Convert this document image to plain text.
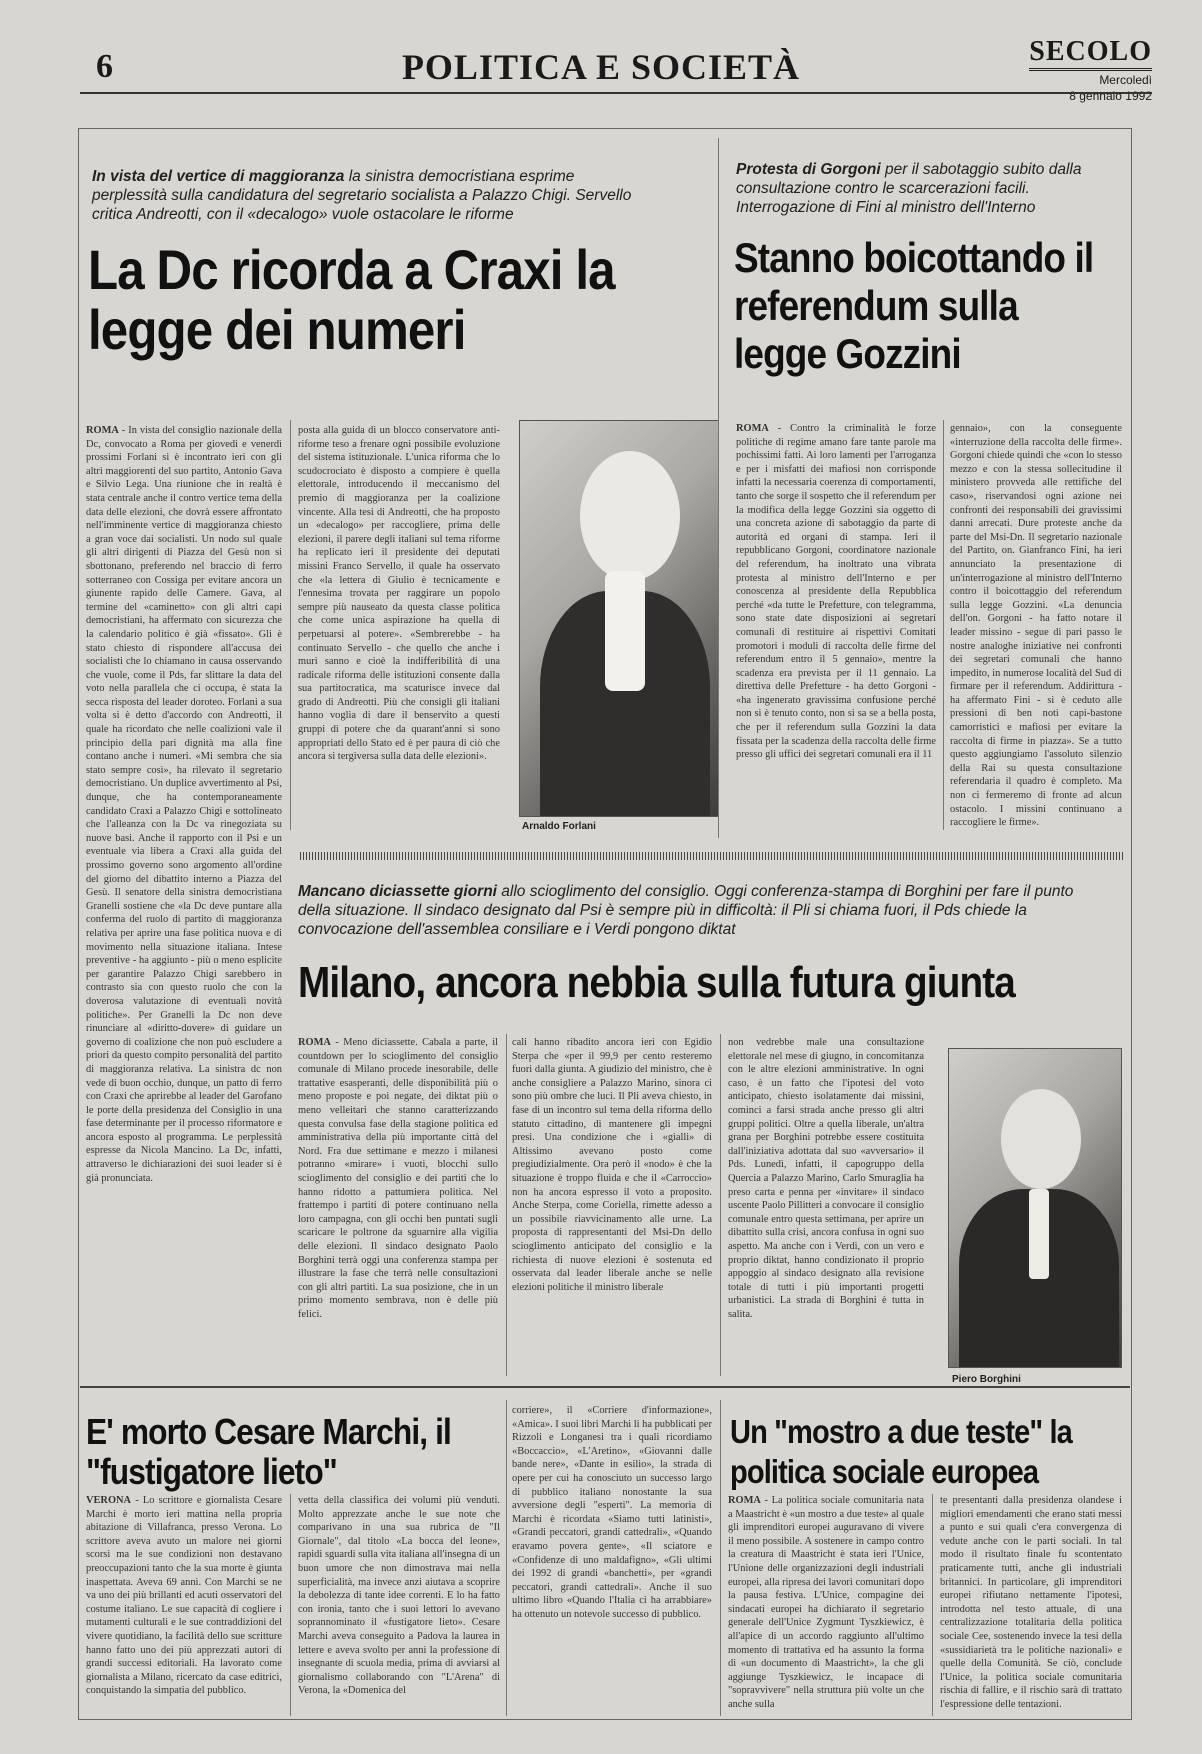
6	POLITICA E SOCIETÀ	SECOLO
Mercoledì
8 gennaio 1992
In vista del vertice di maggioranza la sinistra democristiana esprime perplessità sulla candidatura del segretario socialista a Palazzo Chigi. Servello critica Andreotti, con il «decalogo» vuole ostacolare le riforme
La Dc ricorda a Craxi la legge dei numeri
ROMA - In vista del consiglio nazionale della Dc, convocato a Roma per giovedì e venerdì prossimi Forlani si è incontrato ieri con gli altri maggiorenti del suo partito, Antonio Gava e Silvio Lega. Una riunione che in realtà è stata centrale anche il contro vertice tema della data delle elezioni, che dovrà essere affrontato nell'imminente vertice di maggioranza chiesto a gran voce dai socialisti. Un nodo sul quale gli altri dirigenti di Piazza del Gesù non si sbottonano, preferendo nel braccio di ferro sotterraneo con Cossiga per evitare ancora un giunente rapido delle Camere. Gava, al termine del «caminetto» con gli altri capi democristiani, ha affermato con sicurezza che la calendario politico è già «fissato». Gli è stato chiesto di rispondere all'accusa dei socialisti che lo chiamano in causa osservando che vuole, come il Pds, far slittare la data del voto nella parallela che ci occupa, è stata la secca risposta del leader doroteo. Forlani a sua volta si è detto d'accordo con Andreotti, il quale ha ricordato che nelle coalizioni vale il principio della pari dignità ma alla fine contano anche i numeri. «Mi sembra che sia stato sempre così», ha rilevato il segretario democristiano. Un duplice avvertimento al Psi, dunque, che ha contemporaneamente candidato Craxi a Palazzo Chigi e sottolineato che l'alleanza con la Dc va rinegoziata su nuove basi. Anche il rapporto con il Psi e un eventuale via libera a Craxi alla guida del prossimo governo sono argomento all'ordine del giorno del dibattito interno a Piazza del Gesù. Il senatore della sinistra democristiana Granelli sostiene che «la Dc deve puntare alla conferma del ruolo di partito di maggioranza relativa per aprire una fase politica nuova e di movimento nella situazione italiana. Intese preventive - ha aggiunto - più o meno esplicite per garantire Palazzo Chigi sarebbero in contrasto sia con questo ruolo che con la doverosa valutazione di eventuali novità politiche». Per Granelli la Dc non deve rinunciare al «diritto-dovere» di guidare un governo di coalizione che non può escludere a priori da questo compito personalità del partito di maggioranza relativa. La sinistra dc non vede di buon occhio, dunque, un patto di ferro con Craxi che aprirebbe al leader del Garofano le porte della presidenza del Consiglio in una fase determinante per il processo riformatore e ancora esposto al programma. Le perplessità espresse da Nicola Mancino. La Dc, infatti, attraverso le dichiarazioni dei suoi leader si è già pronunciata.
posta alla guida di un blocco conservatore anti-riforme teso a frenare ogni possibile evoluzione del sistema istituzionale. L'unica riforma che lo scudocrociato è disposto a compiere è quella elettorale, introducendo il meccanismo del premio di maggioranza per la coalizione vincente. Alla tesi di Andreotti, che ha proposto un «decalogo» per raccogliere, prima delle elezioni, il parere degli italiani sul tema riforme ha replicato ieri il presidente dei deputati missini Franco Servello, il quale ha osservato che «la lettera di Giulio è tecnicamente e l'ennesima trovata per raggirare un popolo sempre più nauseato da questa classe politica che come unica aspirazione ha quella di perpetuarsi al potere». «Sembrerebbe - ha continuato Servello - che quello che anche i muri sanno e cioè la indifferibilità di una radicale riforma delle istituzioni consente dalla sua partitocratica, ma scaturisce invece dal grado di Andreotti. Più che consigli gli italiani hanno voglia di dare il benservito a questi gruppi di potere che da quarant'anni si sono appropriati dello Stato ed è per paura di ciò che ancora si tergiversa sulla data delle elezioni».
Arnaldo Forlani
Protesta di Gorgoni per il sabotaggio subito dalla consultazione contro le scarcerazioni facili. Interrogazione di Fini al ministro dell'Interno
Stanno boicottando il referendum sulla legge Gozzini
ROMA - Contro la criminalità le forze politiche di regime amano fare tante parole ma pochissimi fatti. Ai loro lamenti per l'arroganza e per i misfatti dei mafiosi non corrisponde infatti la necessaria coerenza di comportamenti, tanto che sorge il sospetto che il referendum per la modifica della legge Gozzini sia oggetto di una concreta azione di sabotaggio da parte di autorità ed organi di stampa. Ieri il repubblicano Gorgoni, coordinatore nazionale del referendum, ha inoltrato una vibrata protesta al ministro dell'Interno e per conoscenza al presidente della Repubblica perché «da tutte le Prefetture, con telegramma, sono state date disposizioni ai segretari comunali di restituire ai rispettivi Comitati promotori i moduli di raccolta delle firme del referendum entro il 5 gennaio», mentre la scadenza era prevista per il 11 gennaio. La direttiva delle Prefetture - ha detto Gorgoni - «ha ingenerato gravissima confusione perché non si è tenuto conto, non si sa se a bella posta, che per il referendum sulla Gozzini la data fissata per la scadenza della raccolta delle firme presso gli uffici dei segretari comunali era il 11
gennaio», con la conseguente «interruzione della raccolta delle firme». Gorgoni chiede quindi che «con lo stesso mezzo e con la stessa sollecitudine il ministero provveda alle rettifiche del caso», riservandosi ogni azione nei confronti dei responsabili dei gravissimi danni arrecati. Dure proteste anche da parte del Msi-Dn. Il segretario nazionale del Partito, on. Gianfranco Fini, ha ieri annunciato la presentazione di un'interrogazione al ministro dell'Interno contro il boicottaggio del referendum sulla legge Gozzini. «La denuncia dell'on. Gorgoni - ha fatto notare il leader missino - segue di pari passo le nostre analoghe iniziative nei confronti dei segretari comunali che hanno impedito, in numerose località del Sud di firmare per il referendum. Addirittura - ha affermato Fini - si è ceduto alle pressioni di ben noti capi-bastone camorristici e mafiosi per evitare la raccolta di firme in piazza». Se a tutto questo aggiungiamo l'assoluto silenzio della Rai su questa consultazione referendaria il quadro è completo. Ma non ci fermeremo di fronte ad alcun ostacolo. I missini continuano a raccogliere le firme».
Mancano diciassette giorni allo scioglimento del consiglio. Oggi conferenza-stampa di Borghini per fare il punto della situazione. Il sindaco designato dal Psi è sempre più in difficoltà: il Pli si chiama fuori, il Pds chiede la convocazione dell'assemblea consiliare e i Verdi pongono diktat
Milano, ancora nebbia sulla futura giunta
ROMA - Meno diciassette. Cabala a parte, il countdown per lo scioglimento del consiglio comunale di Milano procede inesorabile, delle trattative esasperanti, delle disponibilità più o meno proposte e poi negate, dei diktat più o meno velleitari che stanno caratterizzando questa convulsa fase della stagione politica ed amministrativa della più importante città del Nord. Fra due settimane e mezzo i milanesi potranno «mirare» i vuoti, blocchi sullo scioglimento del consiglio e dei partiti che lo hanno ridotto a pattumiera politica. Nel frattempo i partiti di potere continuano nella loro campagna, con gli occhi ben puntati sugli scaricare le poltrone da sguarnire alla vigilia delle elezioni. Il sindaco designato Paolo Borghini terrà oggi una conferenza stampa per illustrare la fase che terrà nelle consultazioni con gli altri partiti. La sua posizione, che in un primo momento sembrava, non è delle più felici.
cali hanno ribadito ancora ieri con Egidio Sterpa che «per il 99,9 per cento resteremo fuori dalla giunta. A giudizio del ministro, che è anche consigliere a Palazzo Marino, sinora ci sono più ombre che luci. Il Pli aveva chiesto, in fase di un incontro sul tema della riforma dello statuto cittadino, di mantenere gli impegni presi. Una condizione che i «gialli» di Altissimo avevano posto come pregiudizialmente. Ora però il «nodo» è che la situazione è troppo fluida e che il «Carroccio» non ha ancora espresso il voto a proposito. Anche Sterpa, come Coriella, rimette adesso a un possibile riavvicinamento alle urne. La proposta di rappresentanti del Msi-Dn dello scioglimento anticipato del consiglio e la richiesta di nuove elezioni è sostenuta ed osservata dal leader liberale anche se nelle elezioni politiche il ministro liberale
non vedrebbe male una consultazione elettorale nel mese di giugno, in concomitanza con le altre elezioni amministrative. In ogni caso, è un fatto che l'ipotesi del voto anticipato, chiesto isolatamente dai missini, cominci a farsi strada anche presso gli altri gruppi politici. Oltre a quella liberale, un'altra grana per Borghini potrebbe essere costituita dall'iniziativa adottata dal suo «avversario» il Pds. Lunedì, infatti, il capogruppo della Quercia a Palazzo Marino, Carlo Smuraglia ha preso carta e penna per «invitare» il sindaco uscente Paolo Pillitteri a convocare il consiglio comunale entro questa settimana, per aprire un dibattito sulla crisi, ancora confusa in ogni suo aspetto. Ma anche con i Verdi, con un vero e proprio diktat, hanno condizionato il proprio appoggio al sindaco designato alla revisione totale di tutti i più importanti progetti urbanistici. La strada di Borghini è tutta in salita.
Piero Borghini
E' morto Cesare Marchi, il "fustigatore lieto"
VERONA - Lo scrittore e giornalista Cesare Marchi è morto ieri mattina nella propria abitazione di Villafranca, presso Verona. Lo scrittore aveva avuto un malore nei giorni scorsi ma le sue condizioni non destavano preoccupazioni tanto che la sua morte è giunta inaspettata. Aveva 69 anni. Con Marchi se ne va uno dei più brillanti ed acuti osservatori del costume italiano. Le sue capacità di cogliere i mutamenti culturali e le sue contraddizioni del vivere quotidiano, la facilità dello sue scritture hanno fatto uno dei più apprezzati autori di grandi successi editoriali. Ha lavorato come giornalista a Milano, ricercato da case editrici, conquistando la simpatia del pubblico.
vetta della classifica dei volumi più venduti. Molto apprezzate anche le sue note che comparivano in una sua rubrica de "Il Giornale", dal titolo «La bocca del leone», rapidi sguardi sulla vita italiana all'insegna di un buon umore che non dimostrava mai nella superficialità, ma invece anzi aiutava a scoprire la debolezza di tante idee correnti. E lo ha fatto con ironia, tanto che i suoi lettori lo avevano soprannominato il «fustigatore lieto». Cesare Marchi aveva conseguito a Padova la laurea in lettere e aveva svolto per anni la professione di insegnante di scuola media, prima di avviarsi al giornalismo collaborando con "L'Arena" di Verona, la «Domenica del
corriere», il «Corriere d'informazione», «Amica». I suoi libri Marchi li ha pubblicati per Rizzoli e Longanesi tra i quali ricordiamo «Boccaccio», «L'Aretino», «Giovanni dalle bande nere», «Dante in esilio», la strada di opere per cui ha conosciuto un successo largo di pubblico italiano nonostante la sua avversione degli "esperti". La memoria di Marchi è ricordata «Siamo tutti latinisti», «Grandi peccatori, grandi cattedrali», «Quando eravamo povera gente», «Il sciatore e «Confidenze di uno maldafigno», «Gli ultimi dei 1992 di grandi «banchetti», per «grandi peccatori, grandi cattedrali». Anche il suo ultimo libro «Quando l'Italia ci ha arrabbiare» ha ottenuto un notevole successo di pubblico.
Un "mostro a due teste" la politica sociale europea
ROMA - La politica sociale comunitaria nata a Maastricht è «un mostro a due teste» al quale gli imprenditori europei auguravano di vivere il meno possibile. A sostenere in campo contro la creatura di Maastricht è stata ieri l'Unice, l'Unione delle organizzazioni degli industriali europei, alla ripresa dei lavori comunitari dopo la pausa festiva. L'Unice, compagine dei sindacati europei ha dichiarato il segretario generale dell'Unice Zygmunt Tyszkiewicz, è all'apice di un accordo raggiunto all'ultimo momento di trattativa ed ha assunto la forma di «un documento di Maastricht», la che gli aggiunge Tyszkiewicz, le incapace di "sopravvivere" nella struttura più volte un che anche sulla
te presentanti dalla presidenza olandese i migliori emendamenti che erano stati messi a punto e sui quali c'era convergenza di vedute anche con le parti sociali. In tal modo il risultato finale fu scontentato praticamente tutti, anche gli industriali britannici. In particolare, gli imprenditori europei rifiutano nettamente l'ipotesi, introdotta nel testo attuale, di una centralizzazione totalitaria della politica sociale Cee, sostenendo invece la tesi della «sussidiarietà tra le politiche nazionali» e quelle della Comunità. Se ciò, conclude l'Unice, la politica sociale comunitaria rischia di fallire, e il rischio sarà di trattato l'espressione delle tentazioni.
